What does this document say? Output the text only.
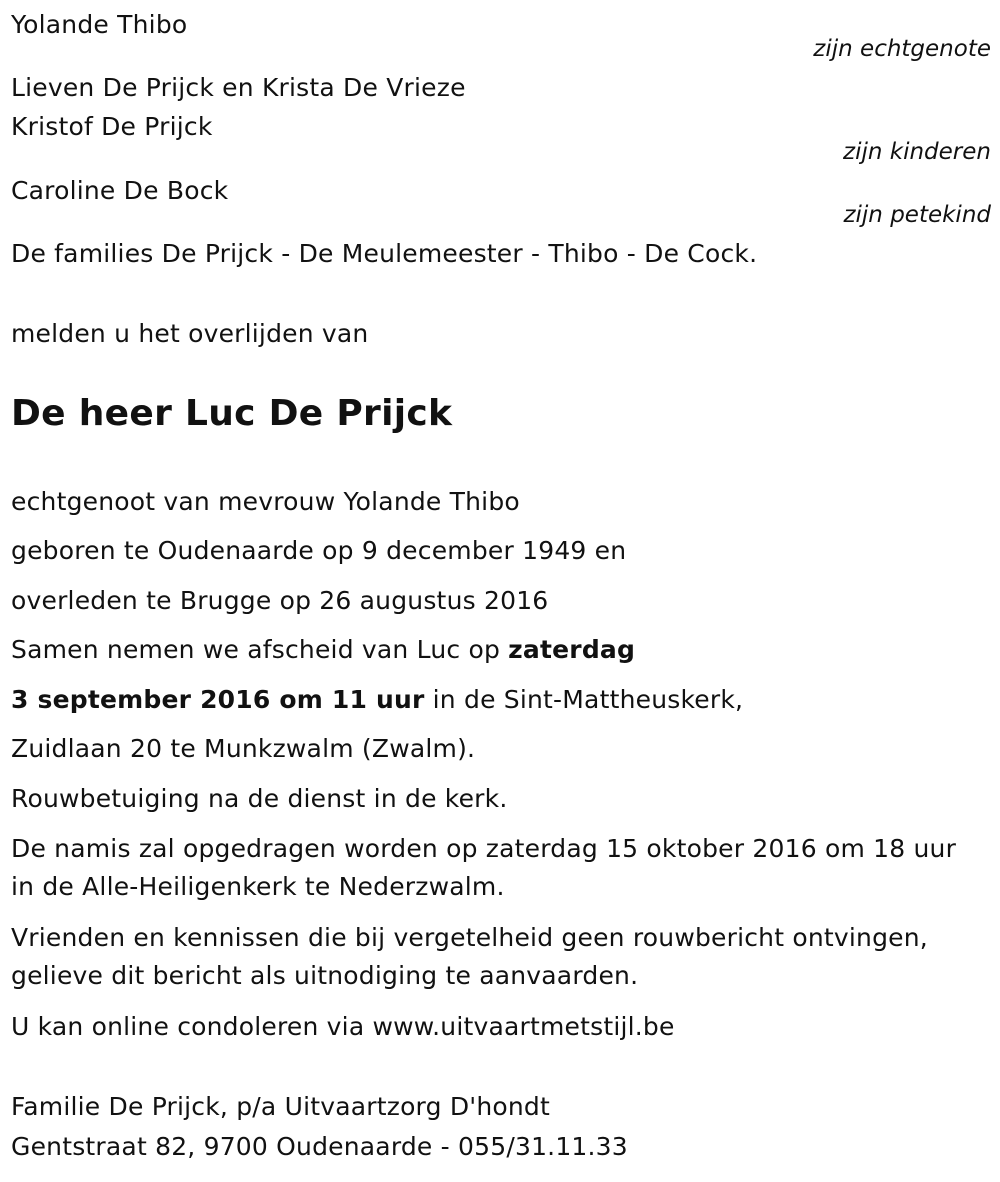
Yolande Thibo
zijn echtgenote
Lieven De Prijck en Krista De Vrieze
Kristof De Prijck
zijn kinderen
Caroline De Bock
zijn petekind
De families De Prijck - De Meulemeester - Thibo - De Cock.
melden u het overlijden van
De heer Luc De Prijck
echtgenoot van mevrouw Yolande Thibo
geboren te Oudenaarde op 9 december 1949 en
overleden te Brugge op 26 augustus 2016
Samen nemen we afscheid van Luc op zaterdag
3 september 2016 om 11 uur in de Sint-Mattheuskerk,
Zuidlaan 20 te Munkzwalm (Zwalm).
Rouwbetuiging na de dienst in de kerk.
De namis zal opgedragen worden op zaterdag 15 oktober 2016 om 18 uur
in de Alle-Heiligenkerk te Nederzwalm.
Vrienden en kennissen die bij vergetelheid geen rouwbericht ontvingen,
gelieve dit bericht als uitnodiging te aanvaarden.
U kan online condoleren via www.uitvaartmetstijl.be
Familie De Prijck, p/a Uitvaartzorg D'hondt
Gentstraat 82, 9700 Oudenaarde - 055/31.11.33
